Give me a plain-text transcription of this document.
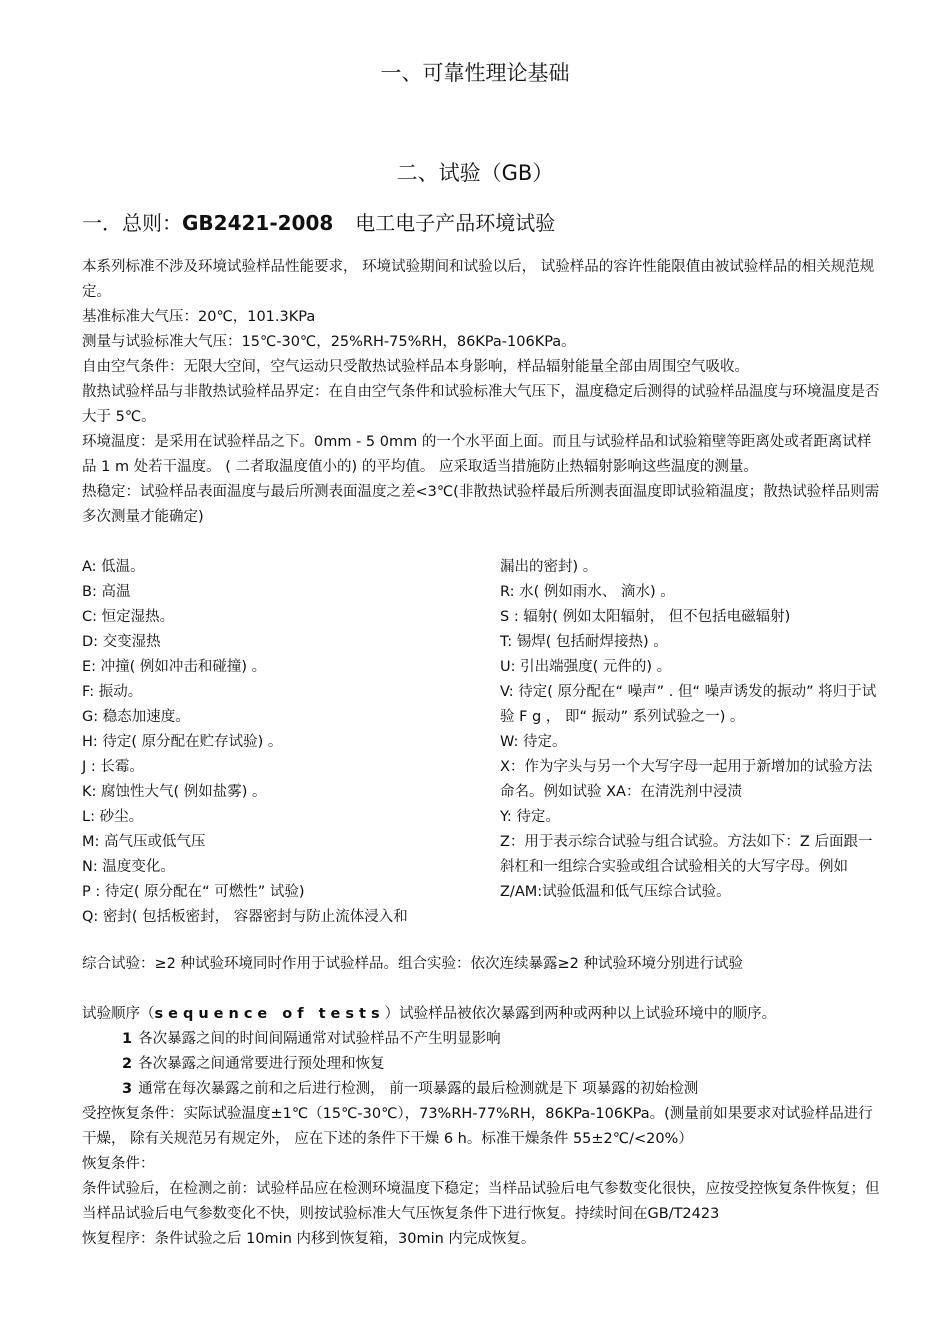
一、可靠性理论基础
二、试验（GB）
一．总则：GB2421-2008 电工电子产品环境试验

本系列标准不涉及环境试验样品性能要求， 环境试验期间和试验以后， 试验样品的容许性能限值由被试验样品的相关规范规定。

基准标准大气压：20℃，101.3KPa

测量与试验标准大气压：15℃-30℃，25%RH-75%RH，86KPa-106KPa。

自由空气条件：无限大空间，空气运动只受散热试验样品本身影响，样品辐射能量全部由周围空气吸收。

散热试验样品与非散热试验样品界定：在自由空气条件和试验标准大气压下，温度稳定后测得的试验样品温度与环境温度是否大于 5℃。

环境温度：是采用在试验样品之下。0mm - 5 0mm 的一个水平面上面。而且与试验样品和试验箱壁等距离处或者距离试样品 1 m 处若干温度。 ( 二者取温度值小的) 的平均值。 应采取适当措施防止热辐射影响这些温度的测量。

热稳定：试验样品表面温度与最后所测表面温度之差<3℃(非散热试验样最后所测表面温度即试验箱温度；散热试验样品则需多次测量才能确定)

A: 低温。

B: 高温

C: 恒定湿热。

D: 交变湿热

E: 冲撞( 例如冲击和碰撞) 。

F: 振动。

G: 稳态加速度。

H: 待定( 原分配在贮存试验) 。

J : 长霉。

K: 腐蚀性大气( 例如盐雾) 。

L: 砂尘。

M: 高气压或低气压

N: 温度变化。

P : 待定( 原分配在“ 可燃性” 试验)

Q: 密封( 包括板密封， 容器密封与防止流体浸入和

漏出的密封) 。

R: 水( 例如雨水、 滴水) 。

S : 辐射( 例如太阳辐射， 但不包括电磁辐射)

T: 锡焊( 包括耐焊接热) 。

U: 引出端强度( 元件的) 。

V: 待定( 原分配在“ 噪声” . 但“ 噪声诱发的振动” 将归于试验 F g ， 即“ 振动” 系列试验之一) 。

W: 待定。

X：作为字头与另一个大写字母一起用于新增加的试验方法命名。例如试验 XA：在清洗剂中浸渍

Y: 待定。

Z：用于表示综合试验与组合试验。方法如下：Z 后面跟一斜杠和一组综合实验或组合试验相关的大写字母。例如 Z/AM:试验低温和低气压综合试验。

综合试验：≥2 种试验环境同时作用于试验样品。组合实验：依次连续暴露≥2 种试验环境分别进行试验

试验顺序（sequence of tests）试验样品被依次暴露到两种或两种以上试验环境中的顺序。

1 各次暴露之间的时间间隔通常对试验样品不产生明显影响

2 各次暴露之间通常要进行预处理和恢复

3 通常在每次暴露之前和之后进行检测， 前一项暴露的最后检测就是下 项暴露的初始检测

受控恢复条件：实际试验温度±1℃（15℃-30℃），73%RH-77%RH，86KPa-106KPa。(测量前如果要求对试验样品进行干燥， 除有关规范另有规定外， 应在下述的条件下干燥 6 h。标准干燥条件 55±2℃/<20%）

恢复条件：

条件试验后，在检测之前：试验样品应在检测环境温度下稳定；当样品试验后电气参数变化很快，应按受控恢复条件恢复；但当样品试验后电气参数变化不快，则按试验标准大气压恢复条件下进行恢复。持续时间在GB/T2423

恢复程序：条件试验之后 10min 内移到恢复箱，30min 内完成恢复。
